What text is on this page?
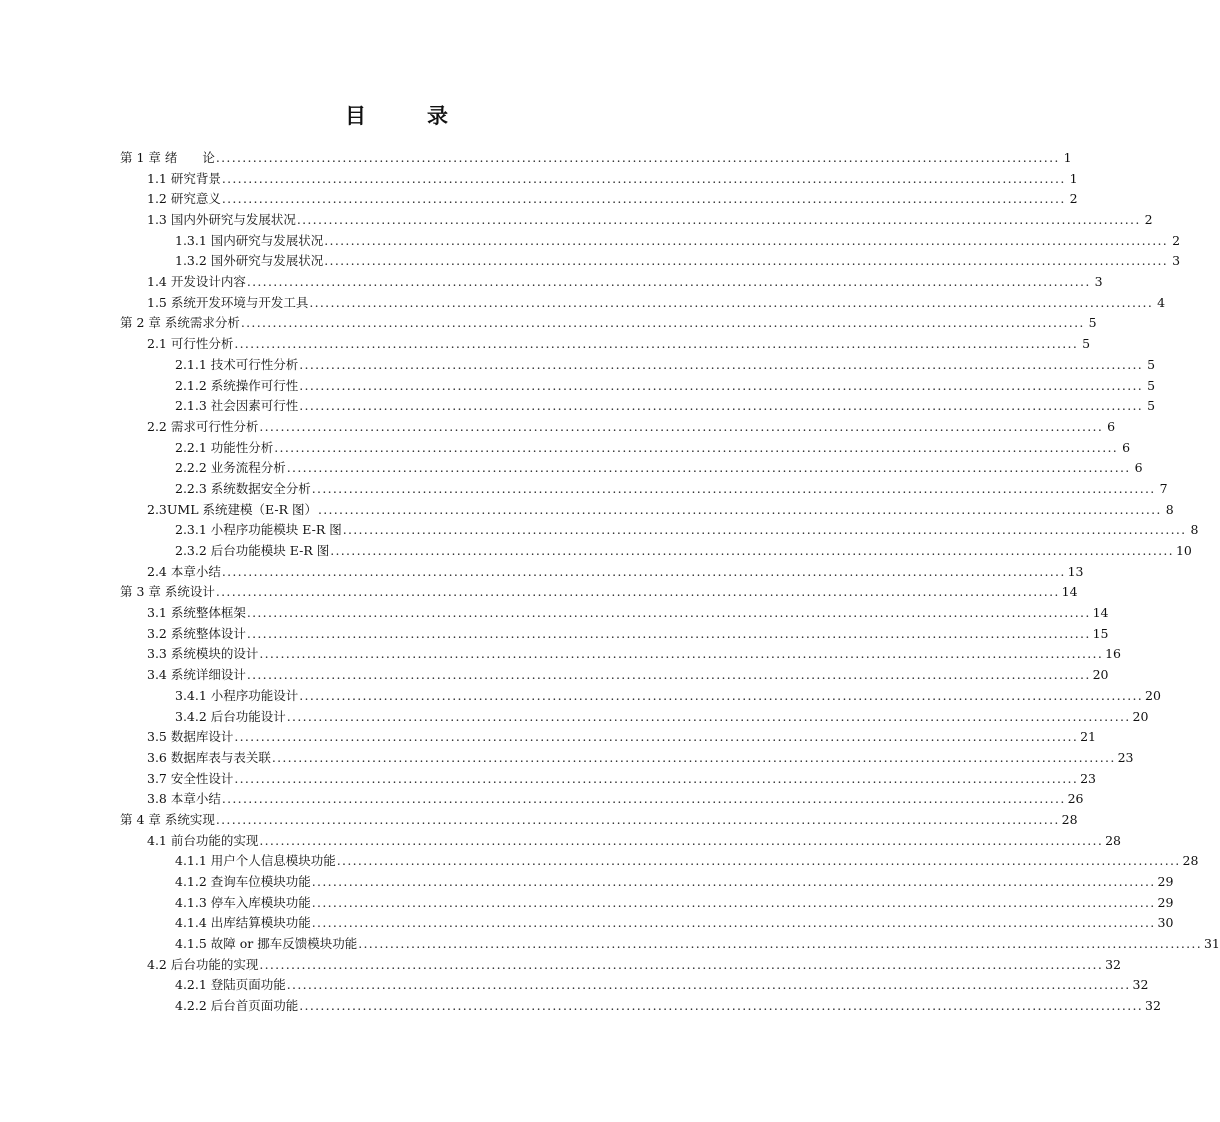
目　录
第 1 章 绪　　论 ................................................................................................................................................................ 1
1.1 研究背景 ................................................................................................................................................................ 1
1.2 研究意义 ................................................................................................................................................................ 2
1.3 国内外研究与发展状况 ................................................................................................................................................................ 2
1.3.1 国内研究与发展状况 ................................................................................................................................................................ 2
1.3.2 国外研究与发展状况 ................................................................................................................................................................ 3
1.4 开发设计内容 ................................................................................................................................................................ 3
1.5 系统开发环境与开发工具 ................................................................................................................................................................ 4
第 2 章 系统需求分析 ................................................................................................................................................................ 5
2.1 可行性分析 ................................................................................................................................................................ 5
2.1.1 技术可行性分析 ................................................................................................................................................................ 5
2.1.2 系统操作可行性 ................................................................................................................................................................ 5
2.1.3 社会因素可行性 ................................................................................................................................................................ 5
2.2 需求可行性分析 ................................................................................................................................................................ 6
2.2.1 功能性分析 ................................................................................................................................................................ 6
2.2.2 业务流程分析 ................................................................................................................................................................ 6
2.2.3 系统数据安全分析 ................................................................................................................................................................ 7
2.3UML 系统建模（E-R 图） ................................................................................................................................................................ 8
2.3.1 小程序功能模块 E-R 图 ................................................................................................................................................................ 8
2.3.2 后台功能模块 E-R 图 ................................................................................................................................................................ 10
2.4 本章小结 ................................................................................................................................................................ 13
第 3 章 系统设计 ................................................................................................................................................................ 14
3.1 系统整体框架 ................................................................................................................................................................ 14
3.2 系统整体设计 ................................................................................................................................................................ 15
3.3 系统模块的设计 ................................................................................................................................................................ 16
3.4 系统详细设计 ................................................................................................................................................................ 20
3.4.1 小程序功能设计 ................................................................................................................................................................ 20
3.4.2 后台功能设计 ................................................................................................................................................................ 20
3.5 数据库设计 ................................................................................................................................................................ 21
3.6 数据库表与表关联 ................................................................................................................................................................ 23
3.7 安全性设计 ................................................................................................................................................................ 23
3.8 本章小结 ................................................................................................................................................................ 26
第 4 章 系统实现 ................................................................................................................................................................ 28
4.1 前台功能的实现 ................................................................................................................................................................ 28
4.1.1 用户个人信息模块功能 ................................................................................................................................................................ 28
4.1.2 查询车位模块功能 ................................................................................................................................................................ 29
4.1.3 停车入库模块功能 ................................................................................................................................................................ 29
4.1.4 出库结算模块功能 ................................................................................................................................................................ 30
4.1.5 故障 or 挪车反馈模块功能 ................................................................................................................................................................ 31
4.2 后台功能的实现 ................................................................................................................................................................ 32
4.2.1 登陆页面功能 ................................................................................................................................................................ 32
4.2.2 后台首页面功能 ................................................................................................................................................................ 32
